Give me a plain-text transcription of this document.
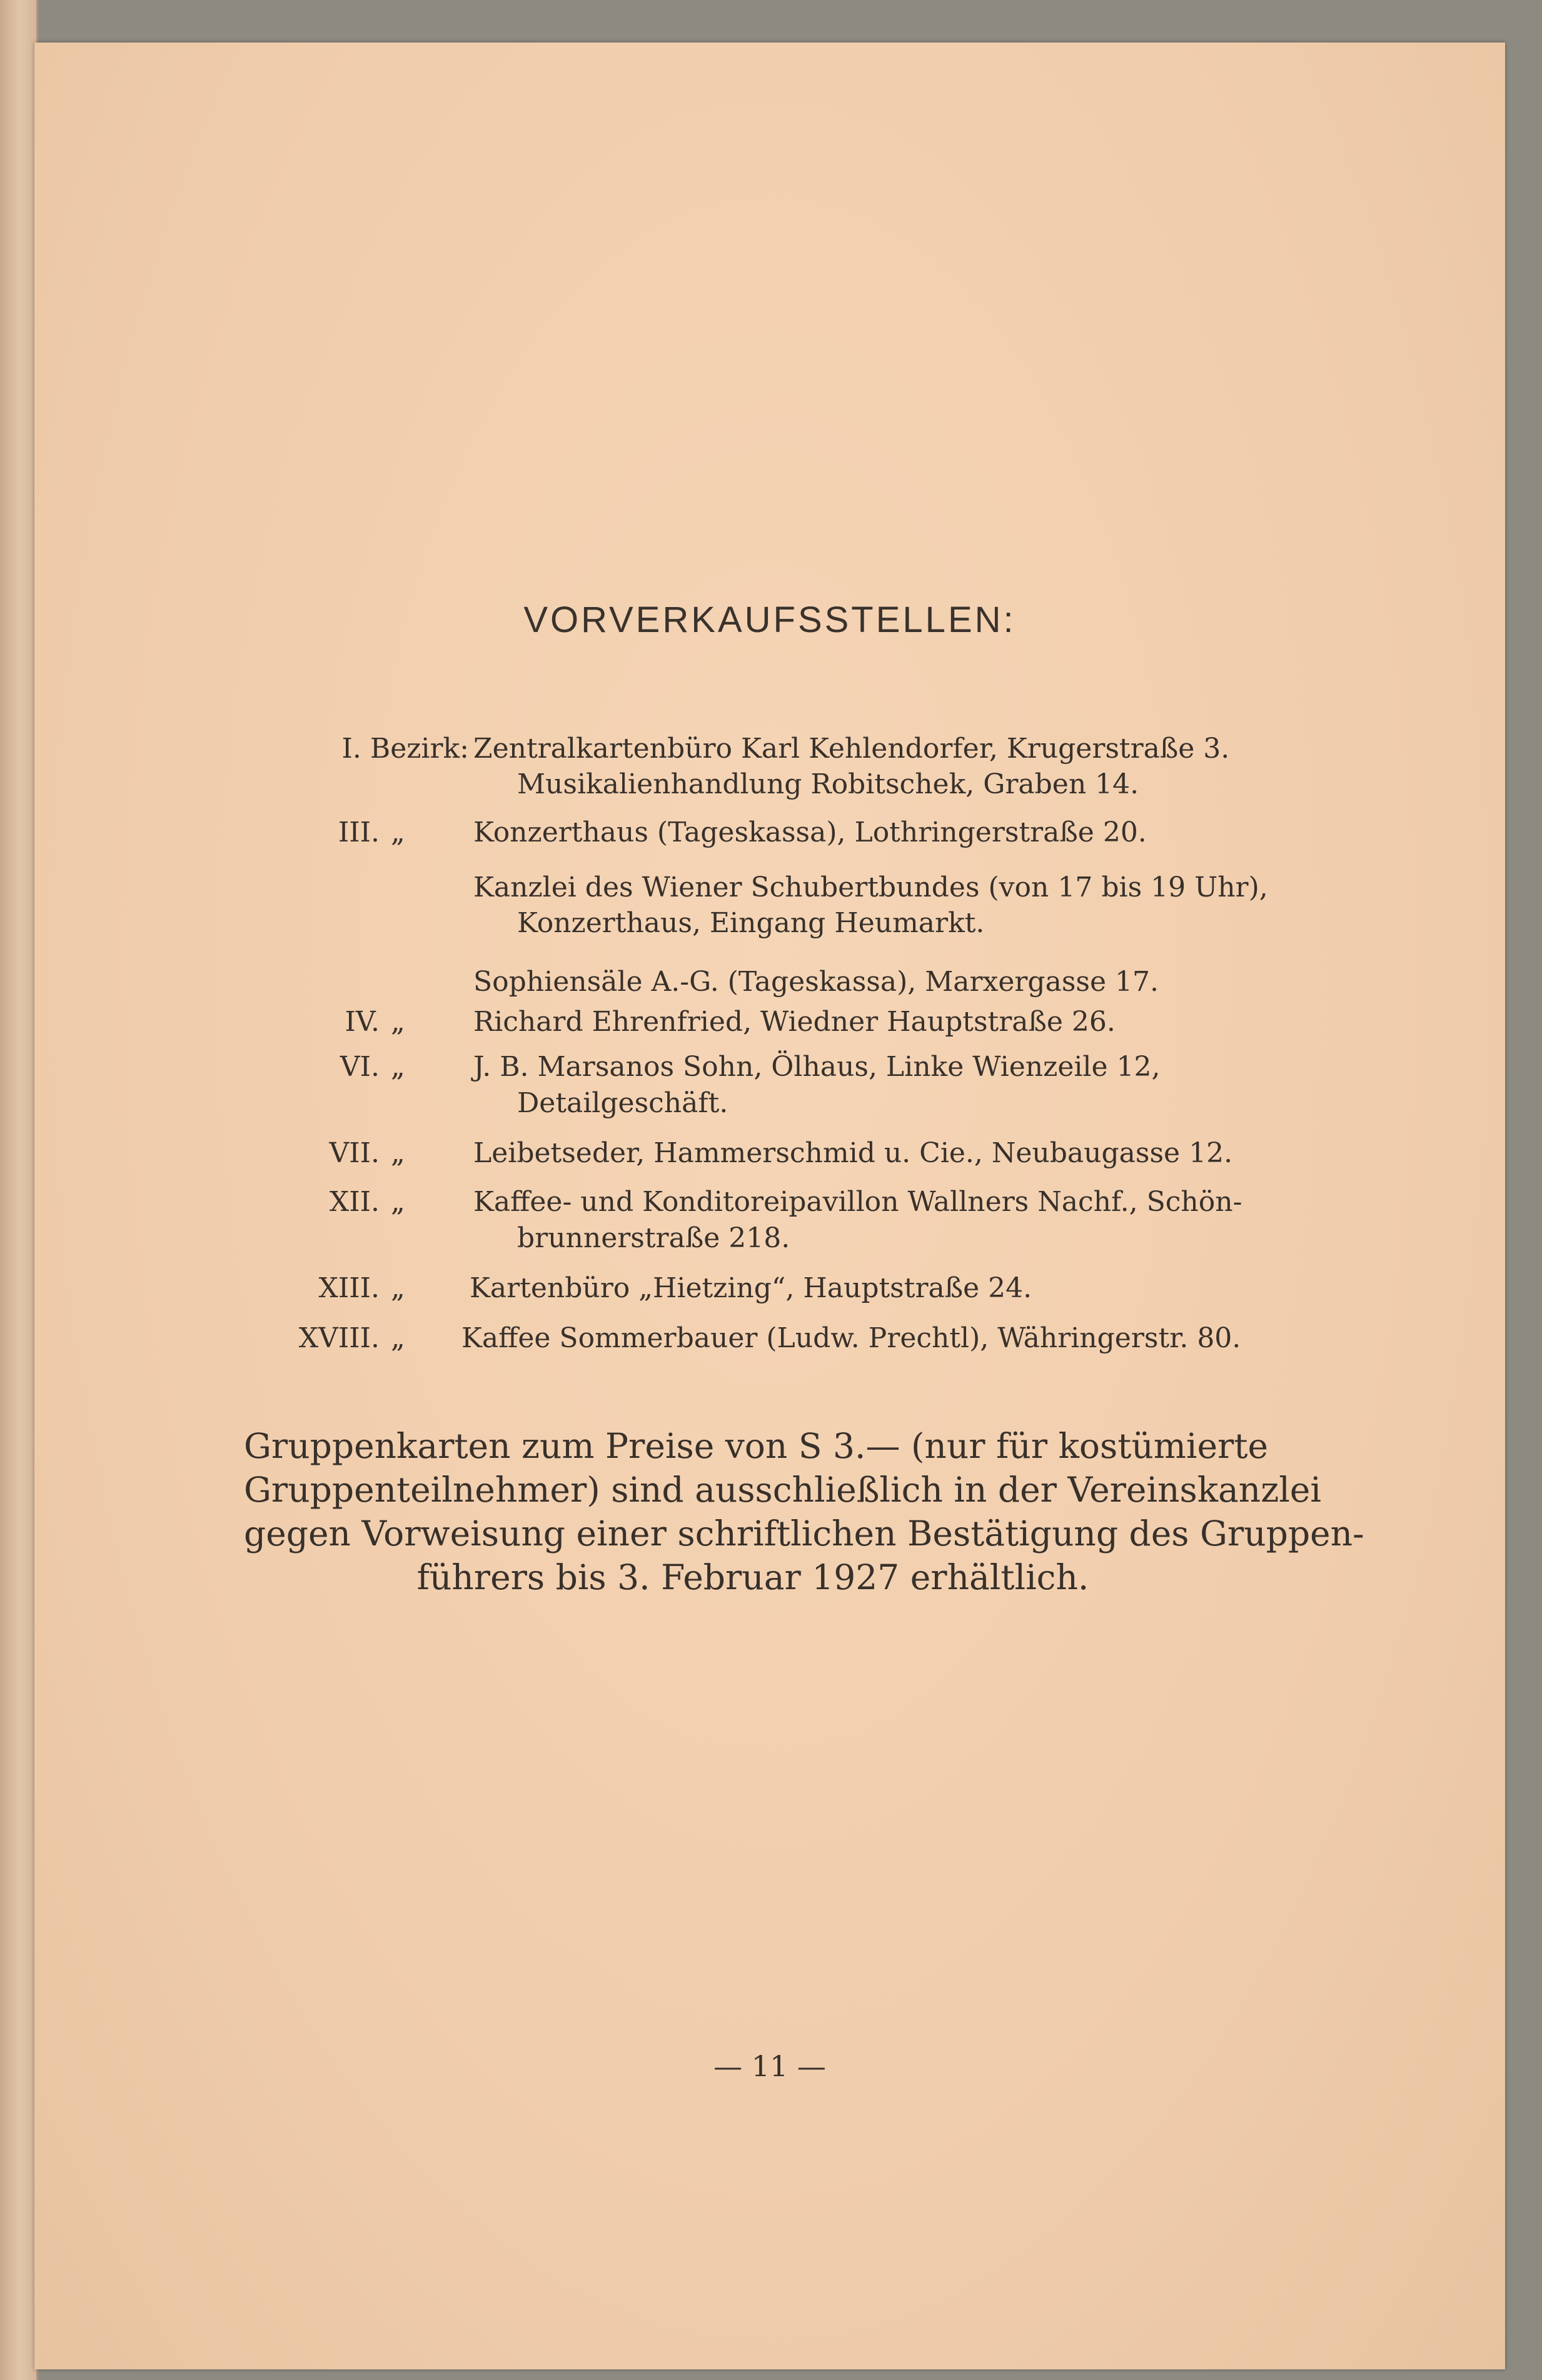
VORVERKAUFSSTELLEN:
I. Bezirk: Zentralkartenbüro Karl Kehlendorfer, Krugerstraße 3.
Musikalienhandlung Robitschek, Graben 14.
III. „ Konzerthaus (Tageskassa), Lothringerstraße 20.
Kanzlei des Wiener Schubertbundes (von 17 bis 19 Uhr),
Konzerthaus, Eingang Heumarkt.
Sophiensäle A.-G. (Tageskassa), Marxergasse 17.
IV. „ Richard Ehrenfried, Wiedner Hauptstraße 26.
VI. „ J. B. Marsanos Sohn, Ölhaus, Linke Wienzeile 12,
Detailgeschäft.
VII. „ Leibetseder, Hammerschmid u. Cie., Neubaugasse 12.
XII. „ Kaffee- und Konditoreipavillon Wallners Nachf., Schön-
brunnerstraße 218.
XIII. „ Kartenbüro „Hietzing“, Hauptstraße 24.
XVIII. „ Kaffee Sommerbauer (Ludw. Prechtl), Währingerstr. 80.
Gruppenkarten zum Preise von S 3.— (nur für kostümierte
Gruppenteilnehmer) sind ausschließlich in der Vereinskanzlei
gegen Vorweisung einer schriftlichen Bestätigung des Gruppen-
führers bis 3. Februar 1927 erhältlich.
— 11 —
